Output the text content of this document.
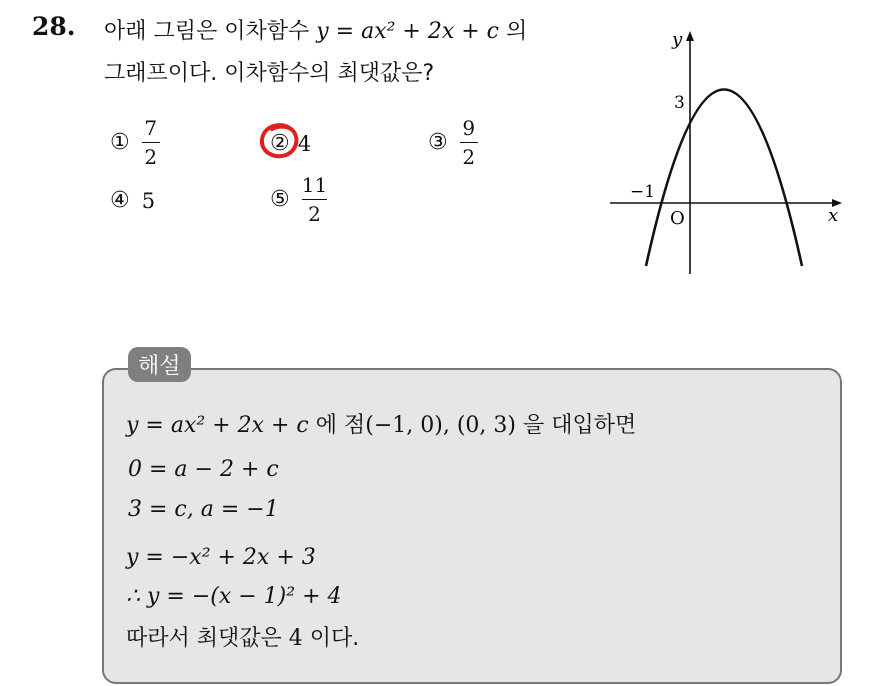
28. 아래 그림은 이차함수 y = ax² + 2x + c 의
그래프이다. 이차함수의 최댓값은?
① $\frac{7}{2}$	② 4	③ $\frac{9}{2}$
④ 5	⑤ $\frac{11}{2}$	x
y
O
3
−1
해설
y = ax² + 2x + c 에 점(−1, 0), (0, 3) 을 대입하면
0 = a − 2 + c
3 = c, a = −1
y = −x² + 2x + 3
∴ y = −(x − 1)² + 4
따라서 최댓값은 4 이다.
